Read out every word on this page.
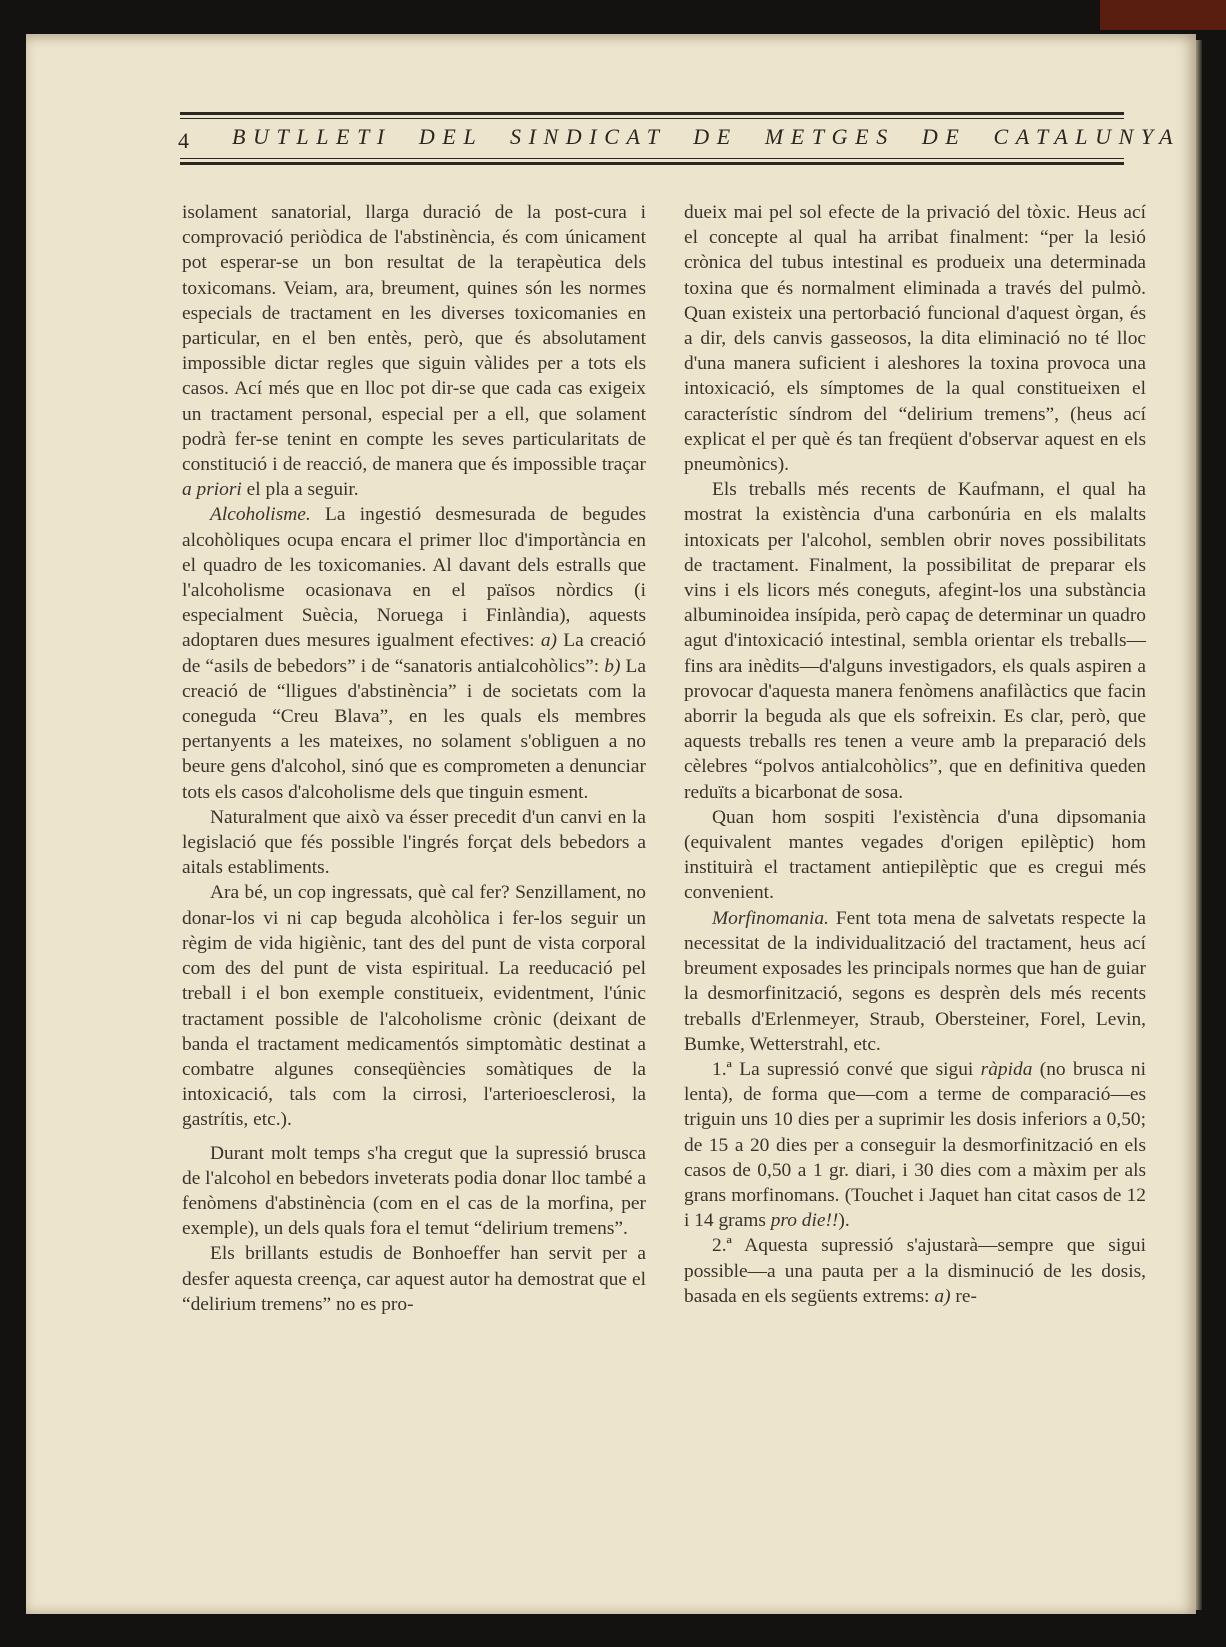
4 BUTLLETI DEL SINDICAT DE METGES DE CATALUNYA

isolament sanatorial, llarga duració de la post-cura i comprovació periòdica de l'abstinència, és com únicament pot esperar-se un bon resultat de la terapèutica dels toxicomans. Veiam, ara, breument, quines són les normes especials de tractament en les diverses toxicomanies en particular, en el ben entès, però, que és absolutament impossible dictar regles que siguin vàlides per a tots els casos. Ací més que en lloc pot dir-se que cada cas exigeix un tractament personal, especial per a ell, que solament podrà fer-se tenint en compte les seves particularitats de constitució i de reacció, de manera que és impossible traçar a priori el pla a seguir.

Alcoholisme. La ingestió desmesurada de begudes alcohòliques ocupa encara el primer lloc d'importància en el quadro de les toxicomanies. Al davant dels estralls que l'alcoholisme ocasionava en el països nòrdics (i especialment Suècia, Noruega i Finlàndia), aquests adoptaren dues mesures igualment efectives: a) La creació de “asils de bebedors” i de “sanatoris antialcohòlics”: b) La creació de “lligues d'abstinència” i de societats com la coneguda “Creu Blava”, en les quals els membres pertanyents a les mateixes, no solament s'obliguen a no beure gens d'alcohol, sinó que es comprometen a denunciar tots els casos d'alcoholisme dels que tinguin esment.

Naturalment que això va ésser precedit d'un canvi en la legislació que fés possible l'ingrés forçat dels bebedors a aitals establiments.

Ara bé, un cop ingressats, què cal fer? Senzillament, no donar-los vi ni cap beguda alcohòlica i fer-los seguir un règim de vida higiènic, tant des del punt de vista corporal com des del punt de vista espiritual. La reeducació pel treball i el bon exemple constitueix, evidentment, l'únic tractament possible de l'alcoholisme crònic (deixant de banda el tractament medicamentós simptomàtic destinat a combatre algunes conseqüències somàtiques de la intoxicació, tals com la cirrosi, l'arterioesclerosi, la gastrítis, etc.).

Durant molt temps s'ha cregut que la supressió brusca de l'alcohol en bebedors inveterats podia donar lloc també a fenòmens d'abstinència (com en el cas de la morfina, per exemple), un dels quals fora el temut “delirium tremens”.

Els brillants estudis de Bonhoeffer han servit per a desfer aquesta creença, car aquest autor ha demostrat que el “delirium tremens” no es pro-

dueix mai pel sol efecte de la privació del tòxic. Heus ací el concepte al qual ha arribat finalment: “per la lesió crònica del tubus intestinal es produeix una determinada toxina que és normalment eliminada a través del pulmò. Quan existeix una pertorbació funcional d'aquest òrgan, és a dir, dels canvis gasseosos, la dita eliminació no té lloc d'una manera suficient i aleshores la toxina provoca una intoxicació, els símptomes de la qual constitueixen el característic síndrom del “delirium tremens”, (heus ací explicat el per què és tan freqüent d'observar aquest en els pneumònics).

Els treballs més recents de Kaufmann, el qual ha mostrat la existència d'una carbonúria en els malalts intoxicats per l'alcohol, semblen obrir noves possibilitats de tractament. Finalment, la possibilitat de preparar els vins i els licors més coneguts, afegint-los una substància albuminoidea insípida, però capaç de determinar un quadro agut d'intoxicació intestinal, sembla orientar els treballs—fins ara inèdits—d'alguns investigadors, els quals aspiren a provocar d'aquesta manera fenòmens anafilàctics que facin aborrir la beguda als que els sofreixin. Es clar, però, que aquests treballs res tenen a veure amb la preparació dels cèlebres “polvos antialcohòlics”, que en definitiva queden reduïts a bicarbonat de sosa.

Quan hom sospiti l'existència d'una dipsomania (equivalent mantes vegades d'origen epilèptic) hom instituirà el tractament antiepilèptic que es cregui més convenient.

Morfinomania. Fent tota mena de salvetats respecte la necessitat de la individualització del tractament, heus ací breument exposades les principals normes que han de guiar la desmorfinització, segons es desprèn dels més recents treballs d'Erlenmeyer, Straub, Obersteiner, Forel, Levin, Bumke, Wetterstrahl, etc.

1.ª La supressió convé que sigui ràpida (no brusca ni lenta), de forma que—com a terme de comparació—es triguin uns 10 dies per a suprimir les dosis inferiors a 0,50; de 15 a 20 dies per a conseguir la desmorfinització en els casos de 0,50 a 1 gr. diari, i 30 dies com a màxim per als grans morfinomans. (Touchet i Jaquet han citat casos de 12 i 14 grams pro die!!).

2.ª Aquesta supressió s'ajustarà—sempre que sigui possible—a una pauta per a la disminució de les dosis, basada en els següents extrems: a) re-
